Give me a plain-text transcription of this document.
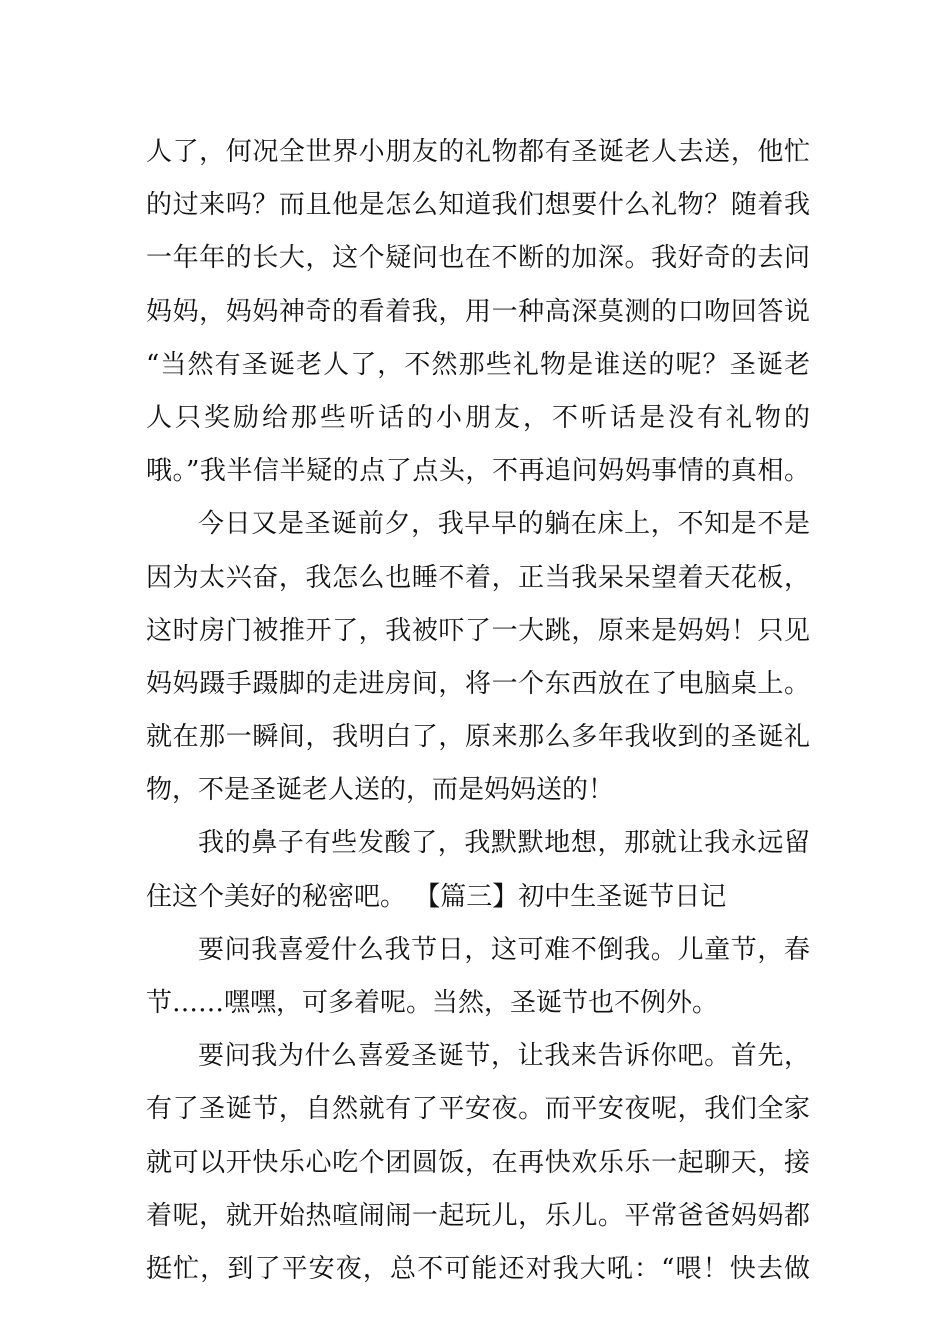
人了，何况全世界小朋友的礼物都有圣诞老人去送，他忙
的过来吗？而且他是怎么知道我们想要什么礼物？随着我
一年年的长大，这个疑问也在不断的加深。我好奇的去问
妈妈，妈妈神奇的看着我，用一种高深莫测的口吻回答说
“当然有圣诞老人了，不然那些礼物是谁送的呢？圣诞老
人只奖励给那些听话的小朋友，不听话是没有礼物的
哦。”我半信半疑的点了点头，不再追问妈妈事情的真相。
今日又是圣诞前夕，我早早的躺在床上，不知是不是
因为太兴奋，我怎么也睡不着，正当我呆呆望着天花板，
这时房门被推开了，我被吓了一大跳，原来是妈妈！只见
妈妈蹑手蹑脚的走进房间，将一个东西放在了电脑桌上。
就在那一瞬间，我明白了，原来那么多年我收到的圣诞礼
物，不是圣诞老人送的，而是妈妈送的！
我的鼻子有些发酸了，我默默地想，那就让我永远留
住这个美好的秘密吧。 【篇三】初中生圣诞节日记
要问我喜爱什么我节日，这可难不倒我。儿童节，春
节……嘿嘿，可多着呢。当然，圣诞节也不例外。
要问我为什么喜爱圣诞节，让我来告诉你吧。首先，
有了圣诞节，自然就有了平安夜。而平安夜呢，我们全家
就可以开快乐心吃个团圆饭，在再快欢乐乐一起聊天，接
着呢，就开始热喧闹闹一起玩儿，乐儿。平常爸爸妈妈都
挺忙，到了平安夜，总不可能还对我大吼：“喂！快去做
